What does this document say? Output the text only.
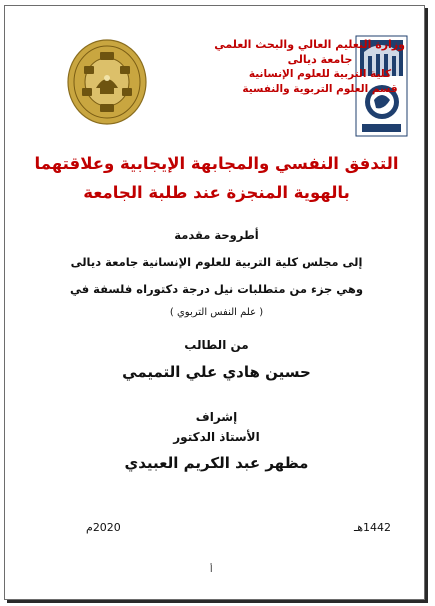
وزارة التعليم العالي والبحث العلمي
جامعة ديالى
كلية التربية للعلوم الإنسانية
قسم العلوم التربوية والنفسية
التدفق النفسي والمجابهة الإيجابية وعلاقتهما
بالهوية المنجزة عند طلبة الجامعة
أطروحة مقدمة
إلى مجلس كلية التربية للعلوم الإنسانية جامعة ديالى
وهي جزء من متطلبات نيل درجة دكتوراه فلسفة في
( علم النفس التربوي )
من الطالب
حسين هادي علي التميمي
إشراف
الأستاذ الدكتور
مظهر عبد الكريم العبيدي
1442هـ
2020م
أ
